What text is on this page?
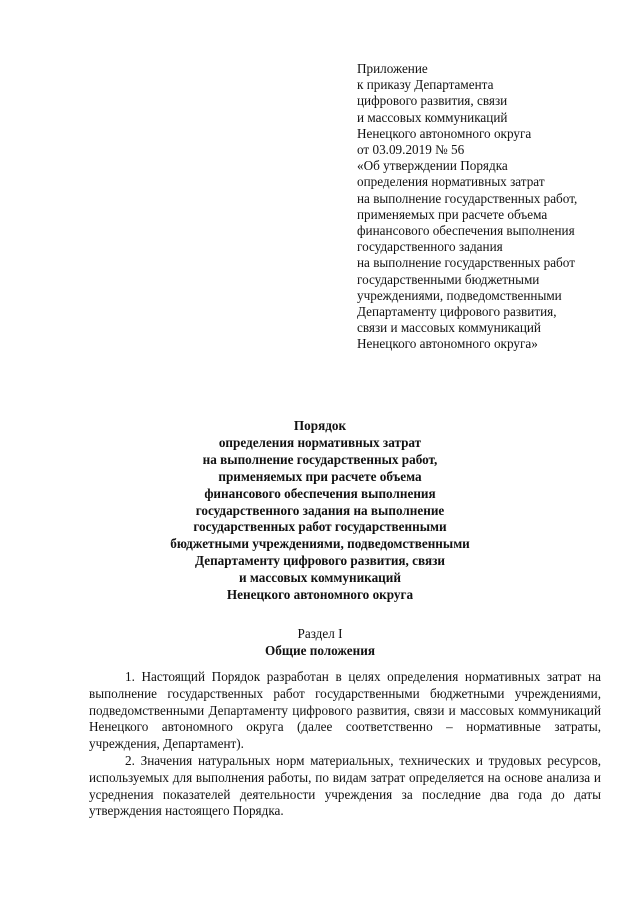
Приложение
к приказу Департамента
цифрового развития, связи
и массовых коммуникаций
Ненецкого автономного округа
от 03.09.2019 № 56
«Об утверждении Порядка
определения нормативных затрат
на выполнение государственных работ,
применяемых при расчете объема
финансового обеспечения выполнения
государственного задания
на выполнение государственных работ
государственными бюджетными
учреждениями, подведомственными
Департаменту цифрового развития,
связи и массовых коммуникаций
Ненецкого автономного округа»
Порядок
определения нормативных затрат
на выполнение государственных работ,
применяемых при расчете объема
финансового обеспечения выполнения
государственного задания на выполнение
государственных работ государственными
бюджетными учреждениями, подведомственными
Департаменту цифрового развития, связи
и массовых коммуникаций
Ненецкого автономного округа
Раздел I
Общие положения

1. Настоящий Порядок разработан в целях определения нормативных затрат на выполнение государственных работ государственными бюджетными учреждениями, подведомственными Департаменту цифрового развития, связи и массовых коммуникаций Ненецкого автономного округа (далее соответственно – нормативные затраты, учреждения, Департамент).

2. Значения натуральных норм материальных, технических и трудовых ресурсов, используемых для выполнения работы, по видам затрат определяется на основе анализа и усреднения показателей деятельности учреждения за последние два года до даты утверждения настоящего Порядка.
